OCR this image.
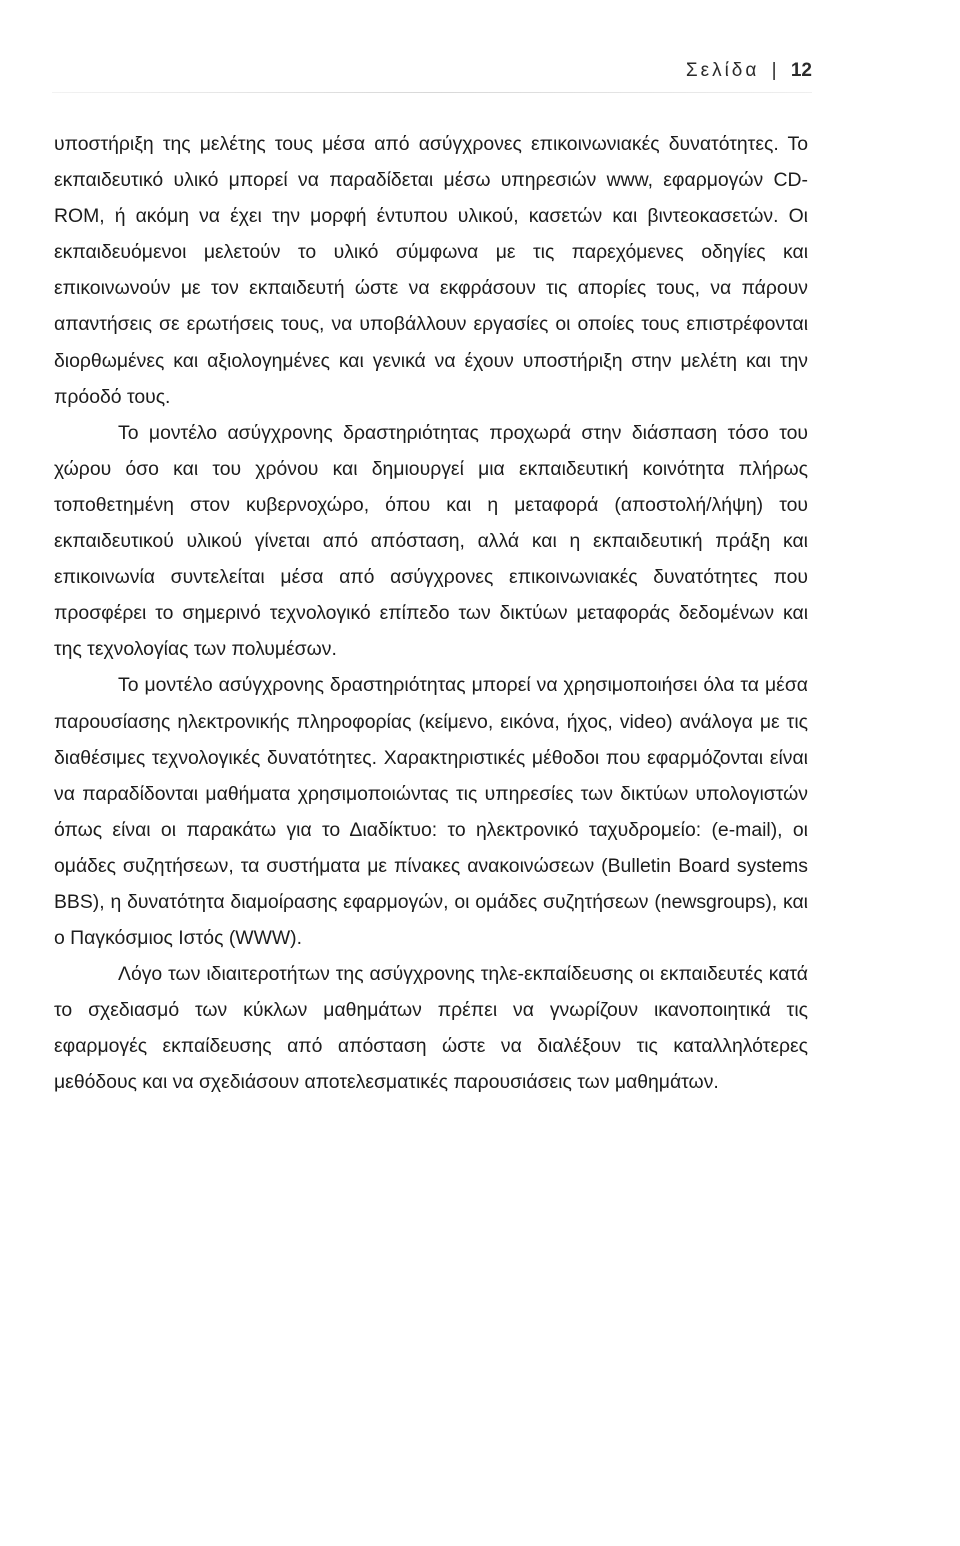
Σελίδα | 12

υποστήριξη της μελέτης τους μέσα από ασύγχρονες επικοινωνιακές δυνατότητες. Το εκπαιδευτικό υλικό μπορεί να παραδίδεται μέσω υπηρεσιών www, εφαρμογών CD-ROM, ή ακόμη να έχει την μορφή έντυπου υλικού, κασετών και βιντεοκασετών. Οι εκπαιδευόμενοι μελετούν το υλικό σύμφωνα με τις παρεχόμενες οδηγίες και επικοινωνούν με τον εκπαιδευτή ώστε να εκφράσουν τις απορίες τους, να πάρουν απαντήσεις σε ερωτήσεις τους, να υποβάλλουν εργασίες οι οποίες τους επιστρέφονται διορθωμένες και αξιολογημένες και γενικά να έχουν υποστήριξη στην μελέτη και την πρόοδό τους.

Το μοντέλο ασύγχρονης δραστηριότητας προχωρά στην διάσπαση τόσο του χώρου όσο και του χρόνου και δημιουργεί μια εκπαιδευτική κοινότητα πλήρως τοποθετημένη στον κυβερνοχώρο, όπου και η μεταφορά (αποστολή/λήψη) του εκπαιδευτικού υλικού γίνεται από απόσταση, αλλά και η εκπαιδευτική πράξη και επικοινωνία συντελείται μέσα από ασύγχρονες επικοινωνιακές δυνατότητες που προσφέρει το σημερινό τεχνολογικό επίπεδο των δικτύων μεταφοράς δεδομένων και της τεχνολογίας των πολυμέσων.

Το μοντέλο ασύγχρονης δραστηριότητας μπορεί να χρησιμοποιήσει όλα τα μέσα παρουσίασης ηλεκτρονικής πληροφορίας (κείμενο, εικόνα, ήχος, video) ανάλογα με τις διαθέσιμες τεχνολογικές δυνατότητες. Χαρακτηριστικές μέθοδοι που εφαρμόζονται είναι να παραδίδονται μαθήματα χρησιμοποιώντας τις υπηρεσίες των δικτύων υπολογιστών όπως είναι οι παρακάτω για το Διαδίκτυο: το ηλεκτρονικό ταχυδρομείο: (e-mail), οι ομάδες συζητήσεων, τα συστήματα με πίνακες ανακοινώσεων (Bulletin Board systems BBS), η δυνατότητα διαμοίρασης εφαρμογών, οι ομάδες συζητήσεων (newsgroups), και ο Παγκόσμιος Ιστός (WWW).

Λόγο των ιδιαιτεροτήτων της ασύγχρονης τηλε-εκπαίδευσης οι εκπαιδευτές κατά το σχεδιασμό των κύκλων μαθημάτων πρέπει να γνωρίζουν ικανοποιητικά τις εφαρμογές εκπαίδευσης από απόσταση ώστε να διαλέξουν τις καταλληλότερες μεθόδους και να σχεδιάσουν αποτελεσματικές παρουσιάσεις των μαθημάτων.
